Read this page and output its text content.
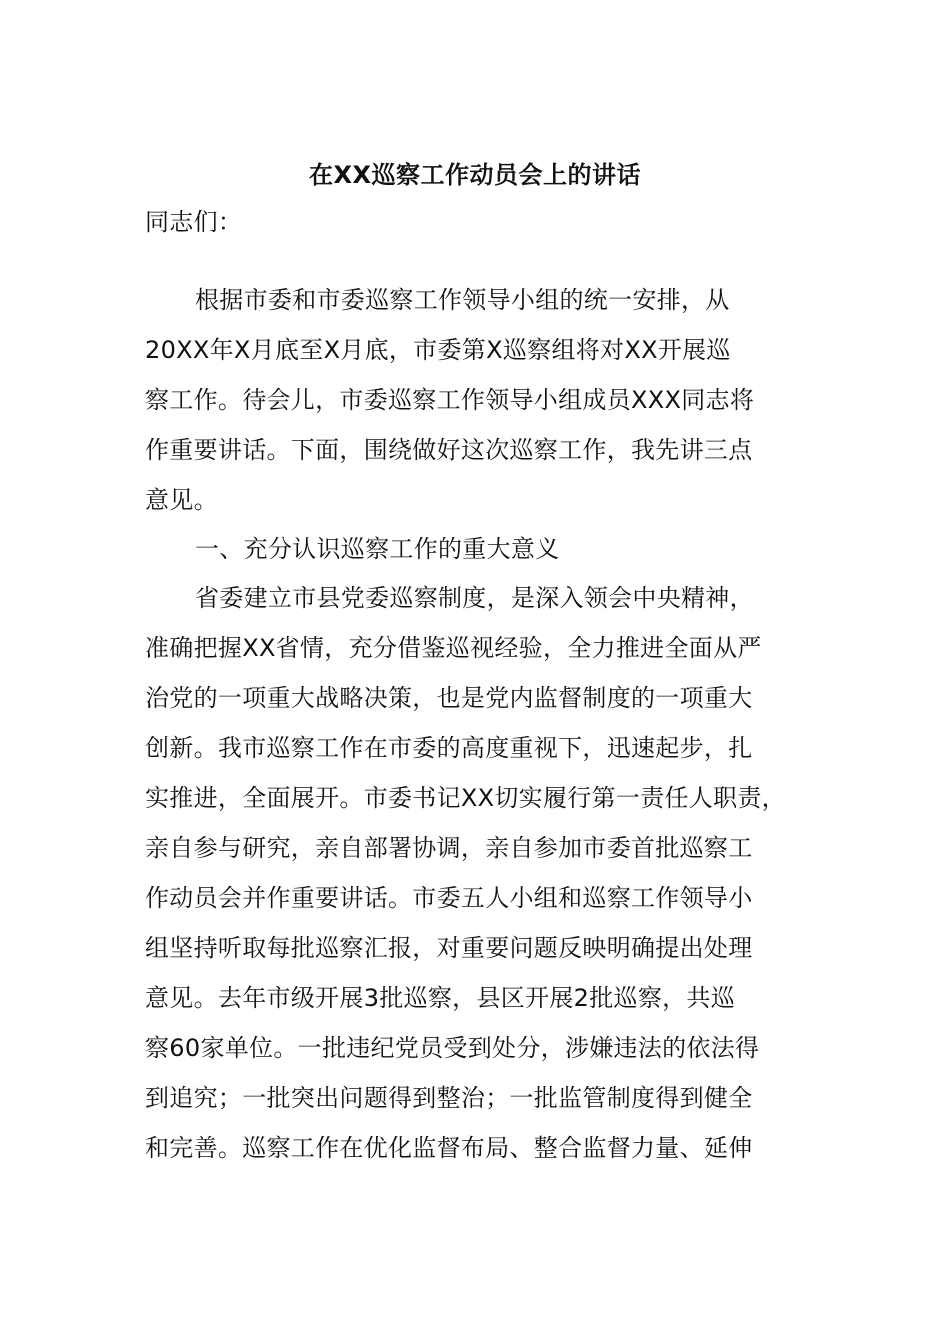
在XX巡察工作动员会上的讲话
同志们：
根据市委和市委巡察工作领导小组的统一安排，从
20XX年X月底至X月底，市委第X巡察组将对XX开展巡
察工作。待会儿，市委巡察工作领导小组成员XXX同志将
作重要讲话。下面，围绕做好这次巡察工作，我先讲三点
意见。
一、充分认识巡察工作的重大意义
省委建立市县党委巡察制度，是深入领会中央精神，
准确把握XX省情，充分借鉴巡视经验，全力推进全面从严
治党的一项重大战略决策，也是党内监督制度的一项重大
创新。我市巡察工作在市委的高度重视下，迅速起步，扎
实推进，全面展开。市委书记XX切实履行第一责任人职责，
亲自参与研究，亲自部署协调，亲自参加市委首批巡察工
作动员会并作重要讲话。市委五人小组和巡察工作领导小
组坚持听取每批巡察汇报，对重要问题反映明确提出处理
意见。去年市级开展3批巡察，县区开展2批巡察，共巡
察60家单位。一批违纪党员受到处分，涉嫌违法的依法得
到追究；一批突出问题得到整治；一批监管制度得到健全
和完善。巡察工作在优化监督布局、整合监督力量、延伸
